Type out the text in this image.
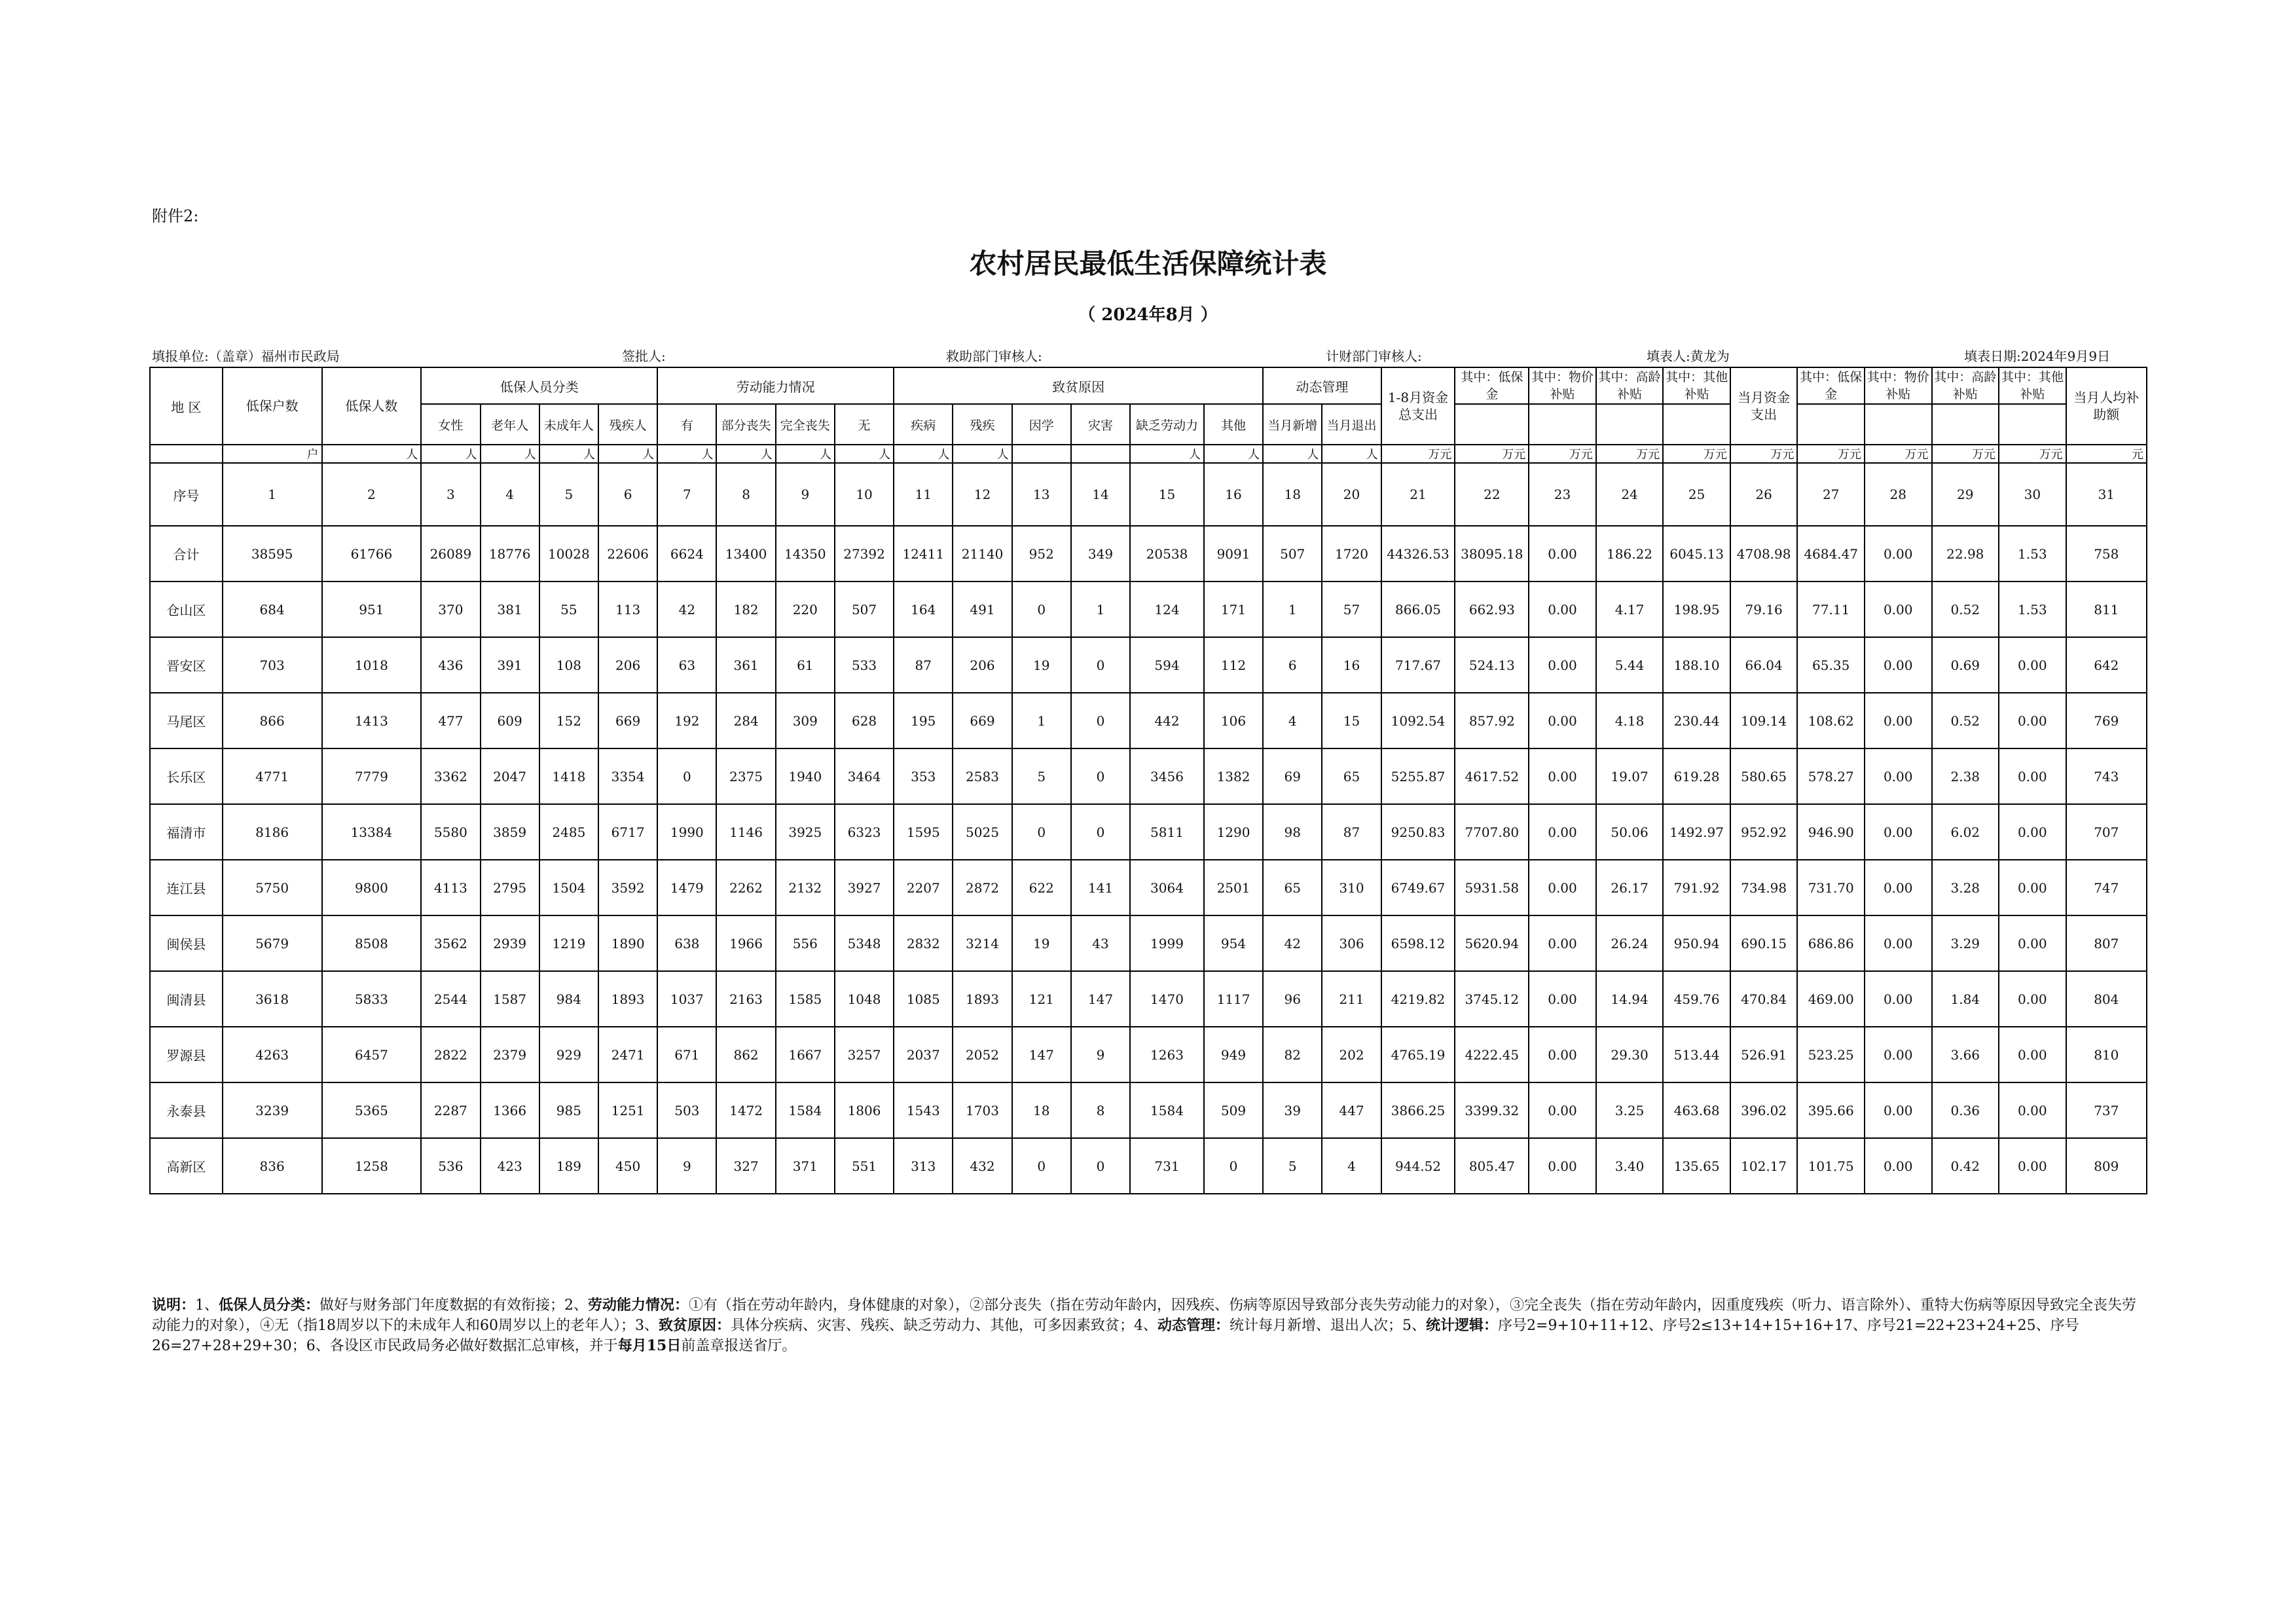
附件2:
农村居民最低生活保障统计表
（ 2024年8月 ）
填报单位:（盖章）福州市民政局	签批人:	救助部门审核人:	计财部门审核人:	填表人:黄龙为	填表日期:2024年9月9日
地 区	低保户数	低保人数	低保人员分类				劳动能力情况				致贫原因						动态管理		1-8月资金总支出	其中：低保金	其中：物价补贴	其中：高龄补贴	其中：其他补贴	当月资金支出	其中：低保金	其中：物价补贴	其中：高龄补贴	其中：其他补贴	当月人均补助额
			女性	老年人	未成年人	残疾人	有	部分丧失	完全丧失	无	疾病	残疾	因学	灾害	缺乏劳动力	其他	当月新增	当月退出											
	户	人	人	人	人	人	人	人	人	人	人	人			人	人	人	人	万元	万元	万元	万元	万元	万元	万元	万元	万元	万元	元
序号	1	2	3	4	5	6	7	8	9	10	11	12	13	14	15	16	18	20	21	22	23	24	25	26	27	28	29	30	31
合计	38595	61766	26089	18776	10028	22606	6624	13400	14350	27392	12411	21140	952	349	20538	9091	507	1720	44326.53	38095.18	0.00	186.22	6045.13	4708.98	4684.47	0.00	22.98	1.53	758
仓山区	684	951	370	381	55	113	42	182	220	507	164	491	0	1	124	171	1	57	866.05	662.93	0.00	4.17	198.95	79.16	77.11	0.00	0.52	1.53	811
晋安区	703	1018	436	391	108	206	63	361	61	533	87	206	19	0	594	112	6	16	717.67	524.13	0.00	5.44	188.10	66.04	65.35	0.00	0.69	0.00	642
马尾区	866	1413	477	609	152	669	192	284	309	628	195	669	1	0	442	106	4	15	1092.54	857.92	0.00	4.18	230.44	109.14	108.62	0.00	0.52	0.00	769
长乐区	4771	7779	3362	2047	1418	3354	0	2375	1940	3464	353	2583	5	0	3456	1382	69	65	5255.87	4617.52	0.00	19.07	619.28	580.65	578.27	0.00	2.38	0.00	743
福清市	8186	13384	5580	3859	2485	6717	1990	1146	3925	6323	1595	5025	0	0	5811	1290	98	87	9250.83	7707.80	0.00	50.06	1492.97	952.92	946.90	0.00	6.02	0.00	707
连江县	5750	9800	4113	2795	1504	3592	1479	2262	2132	3927	2207	2872	622	141	3064	2501	65	310	6749.67	5931.58	0.00	26.17	791.92	734.98	731.70	0.00	3.28	0.00	747
闽侯县	5679	8508	3562	2939	1219	1890	638	1966	556	5348	2832	3214	19	43	1999	954	42	306	6598.12	5620.94	0.00	26.24	950.94	690.15	686.86	0.00	3.29	0.00	807
闽清县	3618	5833	2544	1587	984	1893	1037	2163	1585	1048	1085	1893	121	147	1470	1117	96	211	4219.82	3745.12	0.00	14.94	459.76	470.84	469.00	0.00	1.84	0.00	804
罗源县	4263	6457	2822	2379	929	2471	671	862	1667	3257	2037	2052	147	9	1263	949	82	202	4765.19	4222.45	0.00	29.30	513.44	526.91	523.25	0.00	3.66	0.00	810
永泰县	3239	5365	2287	1366	985	1251	503	1472	1584	1806	1543	1703	18	8	1584	509	39	447	3866.25	3399.32	0.00	3.25	463.68	396.02	395.66	0.00	0.36	0.00	737
高新区	836	1258	536	423	189	450	9	327	371	551	313	432	0	0	731	0	5	4	944.52	805.47	0.00	3.40	135.65	102.17	101.75	0.00	0.42	0.00	809
说明：1、低保人员分类：做好与财务部门年度数据的有效衔接；2、劳动能力情况：①有（指在劳动年龄内，身体健康的对象），②部分丧失（指在劳动年龄内，因残疾、伤病等原因导致部分丧失劳动能力的对象），③完全丧失（指在劳动年龄内，因重度残疾（听力、语言除外）、重特大伤病等原因导致完全丧失劳动能力的对象），④无（指18周岁以下的未成年人和60周岁以上的老年人）；3、致贫原因：具体分疾病、灾害、残疾、缺乏劳动力、其他，可多因素致贫；4、动态管理：统计每月新增、退出人次；5、统计逻辑：序号2=9+10+11+12、序号2≤13+14+15+16+17、序号21=22+23+24+25、序号26=27+28+29+30；6、各设区市民政局务必做好数据汇总审核，并于每月15日前盖章报送省厅。
